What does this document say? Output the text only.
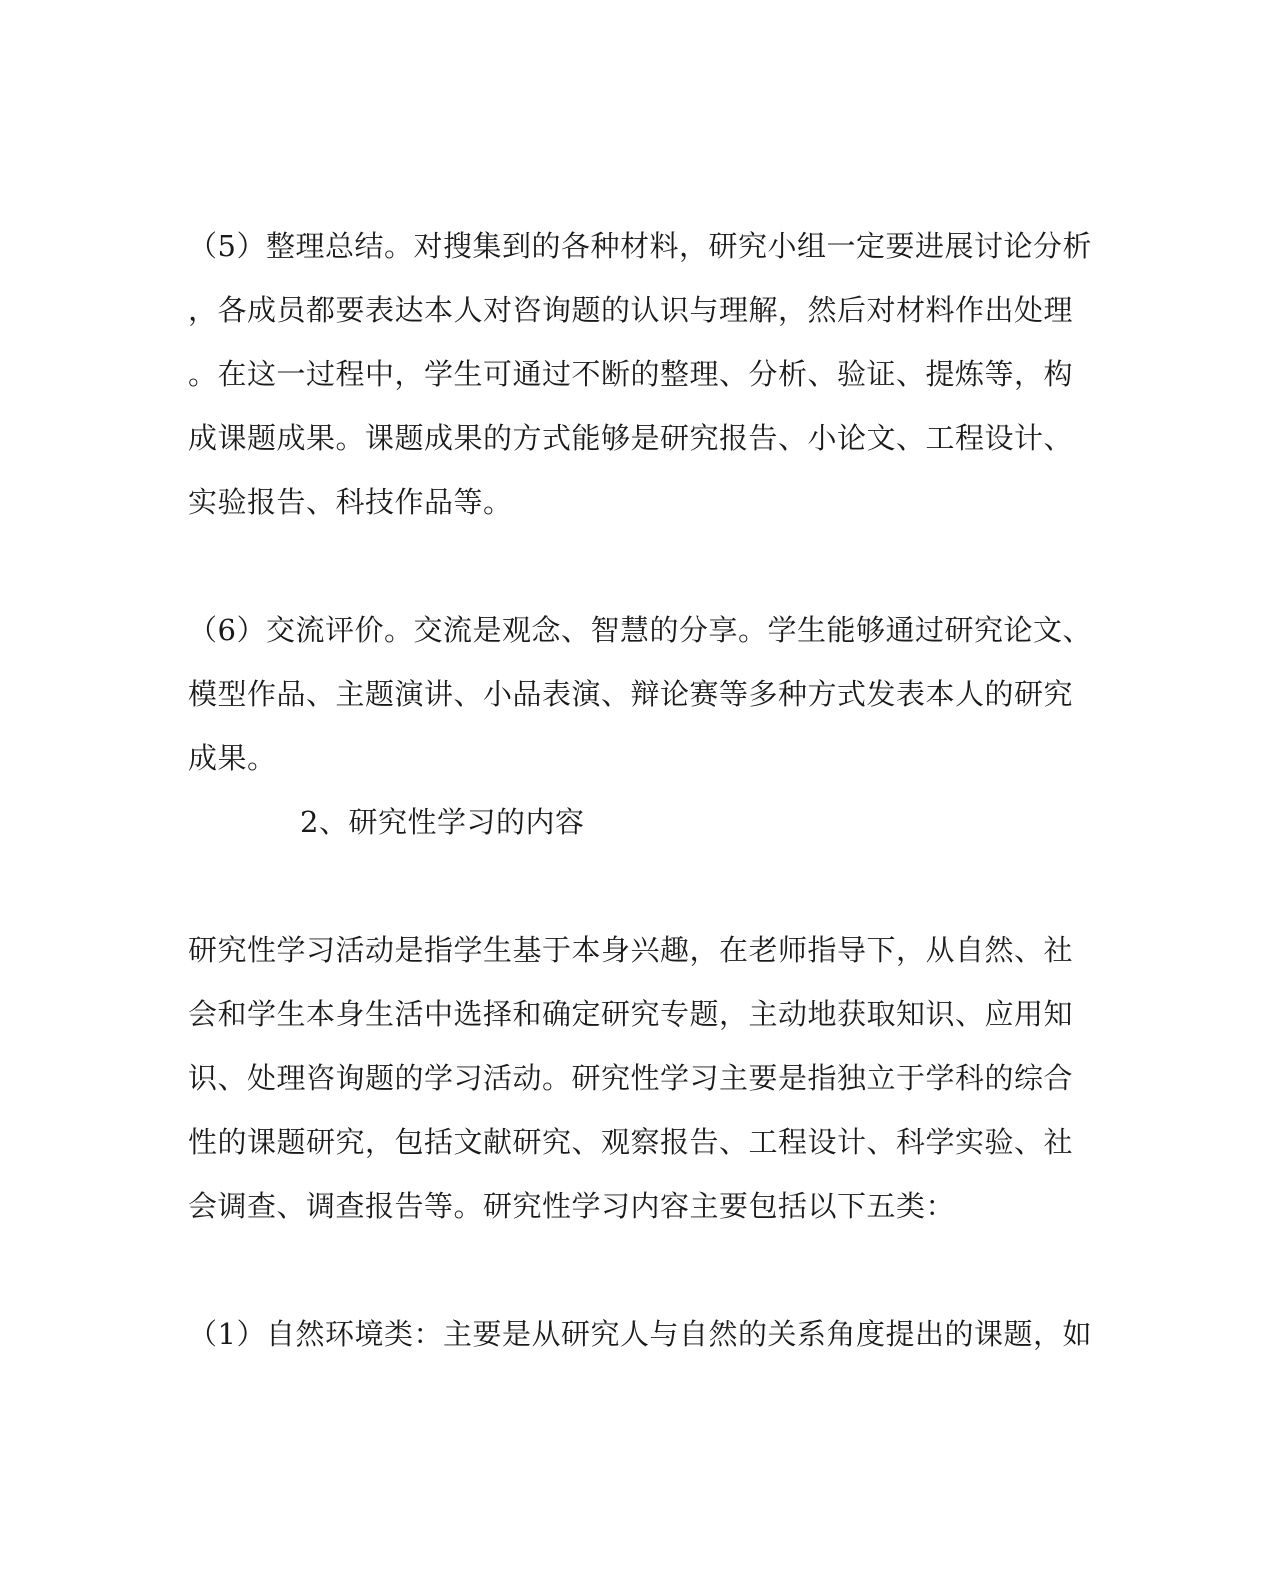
（5）整理总结。对搜集到的各种材料，研究小组一定要进展讨论分析
，各成员都要表达本人对咨询题的认识与理解，然后对材料作出处理
。在这一过程中，学生可通过不断的整理、分析、验证、提炼等，构
成课题成果。课题成果的方式能够是研究报告、小论文、工程设计、
实验报告、科技作品等。
（6）交流评价。交流是观念、智慧的分享。学生能够通过研究论文、
模型作品、主题演讲、小品表演、辩论赛等多种方式发表本人的研究
成果。
2、研究性学习的内容
研究性学习活动是指学生基于本身兴趣，在老师指导下，从自然、社
会和学生本身生活中选择和确定研究专题，主动地获取知识、应用知
识、处理咨询题的学习活动。研究性学习主要是指独立于学科的综合
性的课题研究，包括文献研究、观察报告、工程设计、科学实验、社
会调查、调查报告等。研究性学习内容主要包括以下五类：
（1）自然环境类：主要是从研究人与自然的关系角度提出的课题，如
